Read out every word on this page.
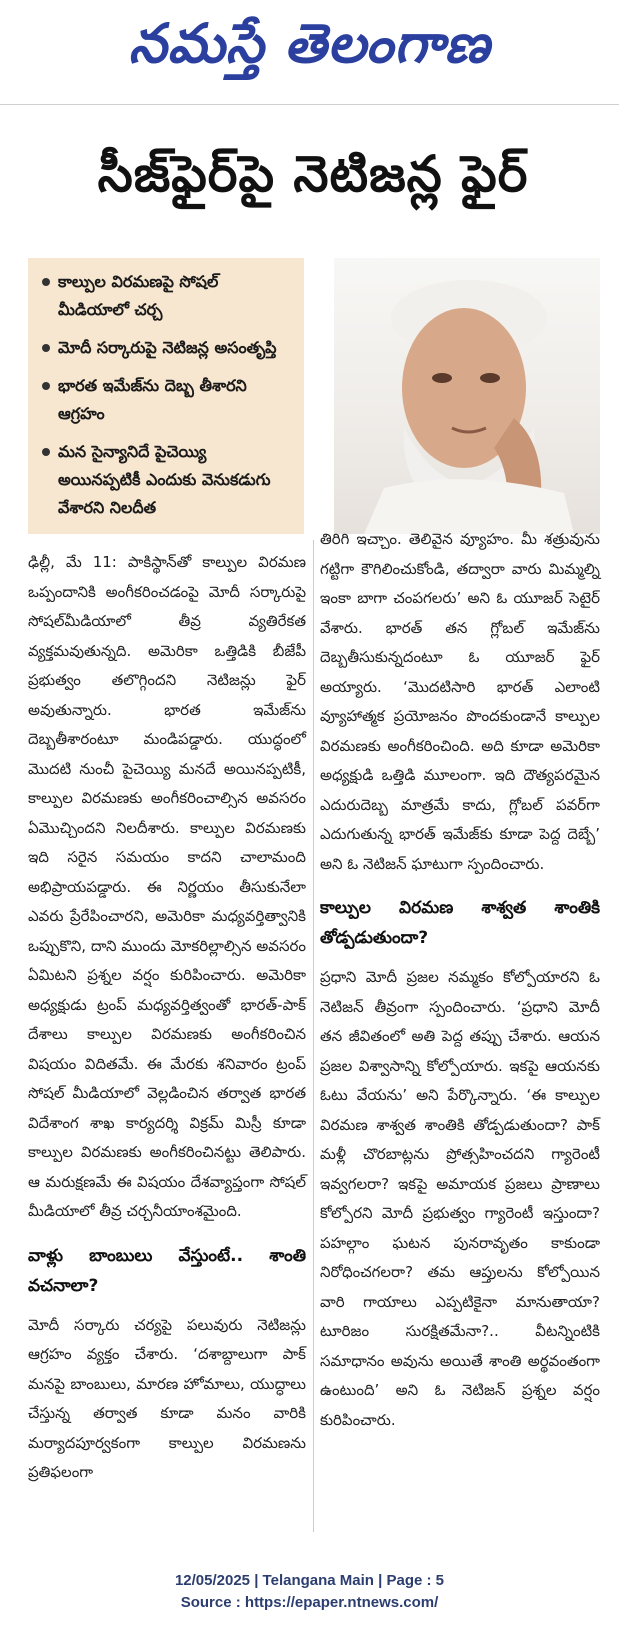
నమస్తే తెలంగాణ
సీజ్‌ఫైర్‌పై నెటిజన్ల ఫైర్
కాల్పుల విరమణపై సోషల్ మీడియాలో చర్చ
మోదీ సర్కారుపై నెటిజన్ల అసంతృప్తి
భారత ఇమేజ్‌ను దెబ్బ తీశారని ఆగ్రహం
మన సైన్యానిదే పైచెయ్యి అయినప్పటికీ ఎందుకు వెనుకడుగు వేశారని నిలదీత
ఢిల్లీ, మే 11: పాకిస్థాన్‌తో కాల్పుల విరమణ ఒప్పందానికి అంగీకరించడంపై మోదీ సర్కారుపై సోషల్‌మీడియాలో తీవ్ర వ్యతిరేకత వ్యక్తమవుతున్నది. అమెరికా ఒత్తిడికి బీజేపీ ప్రభుత్వం తలొగ్గిందని నెటిజన్లు ఫైర్ అవుతున్నారు. భారత ఇమేజ్‌ను దెబ్బతీశారంటూ మండిపడ్డారు. యుద్ధంలో మొదటి నుంచీ పైచెయ్యి మనదే అయినప్పటికీ, కాల్పుల విరమణకు అంగీకరించాల్సిన అవసరం ఏమొచ్చిందని నిలదీశారు. కాల్పుల విరమణకు ఇది సరైన సమయం కాదని చాలామంది అభిప్రాయపడ్డారు. ఈ నిర్ణయం తీసుకునేలా ఎవరు ప్రేరేపించారని, అమెరికా మధ్యవర్తిత్వానికి ఒప్పుకొని, దాని ముందు మోకరిల్లాల్సిన అవసరం ఏమిటని ప్రశ్నల వర్షం కురిపించారు. అమెరికా అధ్యక్షుడు ట్రంప్ మధ్యవర్తిత్వంతో భారత్-పాక్ దేశాలు కాల్పుల విరమణకు అంగీకరించిన విషయం విదితమే. ఈ మేరకు శనివారం ట్రంప్ సోషల్ మీడియాలో వెల్లడించిన తర్వాత భారత విదేశాంగ శాఖ కార్యదర్శి విక్రమ్ మిస్రీ కూడా కాల్పుల విరమణకు అంగీకరించినట్టు తెలిపారు. ఆ మరుక్షణమే ఈ విషయం దేశవ్యాప్తంగా సోషల్ మీడియాలో తీవ్ర చర్చనీయాంశమైంది.
వాళ్లు బాంబులు వేస్తుంటే.. శాంతి వచనాలా?
మోదీ సర్కారు చర్యపై పలువురు నెటిజన్లు ఆగ్రహం వ్యక్తం చేశారు. ‘దశాబ్దాలుగా పాక్ మనపై బాంబులు, మారణ హోమాలు, యుద్ధాలు చేస్తున్న తర్వాత కూడా మనం వారికి మర్యాదపూర్వకంగా కాల్పుల విరమణను ప్రతిఫలంగా
తిరిగి ఇచ్చాం. తెలివైన వ్యూహం. మీ శత్రువును గట్టిగా కౌగిలించుకోండి, తద్వారా వారు మిమ్మల్ని ఇంకా బాగా చంపగలరు’ అని ఓ యూజర్ సెటైర్ వేశారు. భారత్ తన గ్లోబల్ ఇమేజ్‌ను దెబ్బతీసుకున్నదంటూ ఓ యూజర్ ఫైర్ అయ్యారు. ‘మొదటిసారి భారత్ ఎలాంటి వ్యూహాత్మక ప్రయోజనం పొందకుండానే కాల్పుల విరమణకు అంగీకరించింది. అది కూడా అమెరికా అధ్యక్షుడి ఒత్తిడి మూలంగా. ఇది దౌత్యపరమైన ఎదురుదెబ్బ మాత్రమే కాదు, గ్లోబల్ పవర్‌గా ఎదుగుతున్న భారత్ ఇమేజ్‌కు కూడా పెద్ద దెబ్బే’ అని ఓ నెటిజన్ ఘాటుగా స్పందించారు.
కాల్పుల విరమణ శాశ్వత శాంతికి తోడ్పడుతుందా?
ప్రధాని మోదీ ప్రజల నమ్మకం కోల్పోయారని ఓ నెటిజన్ తీవ్రంగా స్పందించారు. ‘ప్రధాని మోదీ తన జీవితంలో అతి పెద్ద తప్పు చేశారు. ఆయన ప్రజల విశ్వాసాన్ని కోల్పోయారు. ఇకపై ఆయనకు ఓటు వేయను’ అని పేర్కొన్నారు. ‘ఈ కాల్పుల విరమణ శాశ్వత శాంతికి తోడ్పడుతుందా? పాక్ మళ్లీ చొరబాట్లను ప్రోత్సహించదని గ్యారెంటీ ఇవ్వగలరా? ఇకపై అమాయక ప్రజలు ప్రాణాలు కోల్పోరని మోదీ ప్రభుత్వం గ్యారెంటీ ఇస్తుందా? పహల్గాం ఘటన పునరావృతం కాకుండా నిరోధించగలరా? తమ ఆప్తులను కోల్పోయిన వారి గాయాలు ఎప్పటికైనా మానుతాయా? టూరిజం సురక్షితమేనా?.. వీటన్నింటికి సమాధానం అవును అయితే శాంతి అర్థవంతంగా ఉంటుంది’ అని ఓ నెటిజన్ ప్రశ్నల వర్షం కురిపించారు.
12/05/2025 | Telangana Main | Page : 5
Source : https://epaper.ntnews.com/
